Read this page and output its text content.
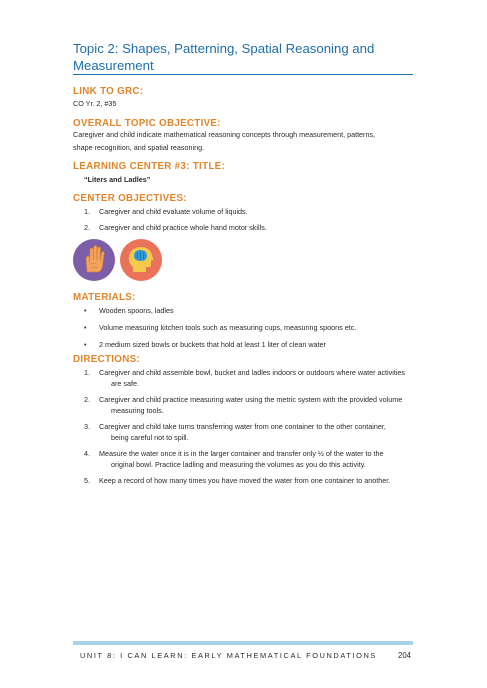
Topic 2: Shapes, Patterning, Spatial Reasoning and Measurement
LINK TO GRC:
CO Yr. 2, #35
OVERALL TOPIC OBJECTIVE:
Caregiver and child indicate mathematical reasoning concepts through measurement, patterns, shape recognition, and spatial reasoning.
LEARNING CENTER #3: TITLE:
“Liters and Ladles”
CENTER OBJECTIVES:
1. Caregiver and child evaluate volume of liquids.
2. Caregiver and child practice whole hand motor skills.
MATERIALS:
• Wooden spoons, ladles
• Volume measuring kitchen tools such as measuring cups, measuring spoons etc.
• 2 medium sized bowls or buckets that hold at least 1 liter of clean water
DIRECTIONS:
1. Caregiver and child assemble bowl, bucket and ladles indoors or outdoors where water activities
are safe.
2. Caregiver and child practice measuring water using the metric system with the provided volume
measuring tools.
3. Caregiver and child take turns transferring water from one container to the other container,
being careful not to spill.
4. Measure the water once it is in the larger container and transfer only ½ of the water to the
original bowl. Practice ladling and measuring the volumes as you do this activity.
5. Keep a record of how many times you have moved the water from one container to another.
UNIT 8: I CAN LEARN: EARLY MATHEMATICAL FOUNDATIONS	204
